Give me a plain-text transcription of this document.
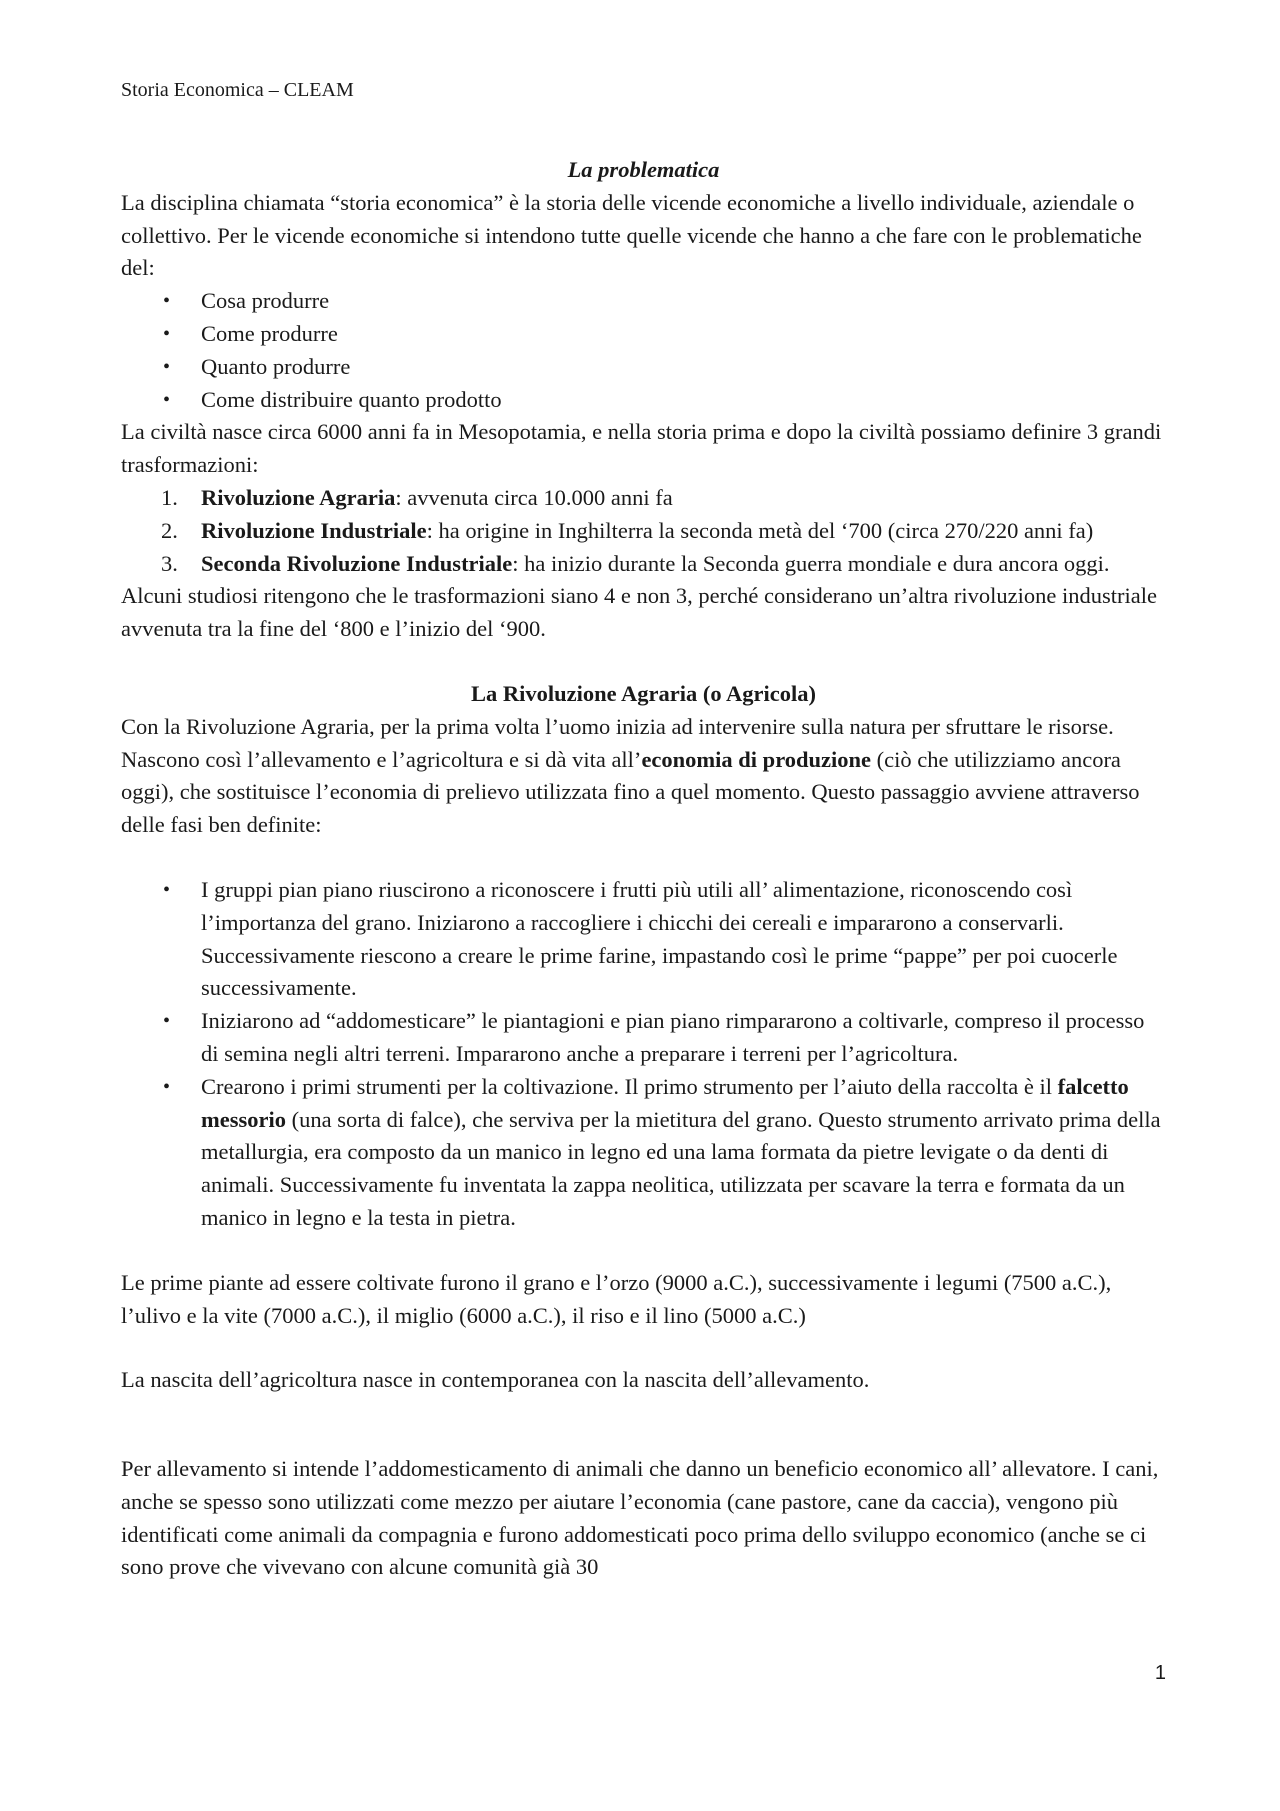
Storia Economica – CLEAM

La problematica

La disciplina chiamata “storia economica” è la storia delle vicende economiche a livello individuale, aziendale o collettivo. Per le vicende economiche si intendono tutte quelle vicende che hanno a che fare con le problematiche del:

• Cosa produrre
• Come produrre
• Quanto produrre
• Come distribuire quanto prodotto

La civiltà nasce circa 6000 anni fa in Mesopotamia, e nella storia prima e dopo la civiltà possiamo definire 3 grandi trasformazioni:

1. Rivoluzione Agraria: avvenuta circa 10.000 anni fa
2. Rivoluzione Industriale: ha origine in Inghilterra la seconda metà del ‘700 (circa 270/220 anni fa)
3. Seconda Rivoluzione Industriale: ha inizio durante la Seconda guerra mondiale e dura ancora oggi.

Alcuni studiosi ritengono che le trasformazioni siano 4 e non 3, perché considerano un’altra rivoluzione industriale avvenuta tra la fine del ‘800 e l’inizio del ‘900.

La Rivoluzione Agraria (o Agricola)

Con la Rivoluzione Agraria, per la prima volta l’uomo inizia ad intervenire sulla natura per sfruttare le risorse. Nascono così l’allevamento e l’agricoltura e si dà vita all’economia di produzione (ciò che utilizziamo ancora oggi), che sostituisce l’economia di prelievo utilizzata fino a quel momento. Questo passaggio avviene attraverso delle fasi ben definite:

• I gruppi pian piano riuscirono a riconoscere i frutti più utili all’ alimentazione, riconoscendo così l’importanza del grano. Iniziarono a raccogliere i chicchi dei cereali e impararono a conservarli. Successivamente riescono a creare le prime farine, impastando così le prime “pappe” per poi cuocerle successivamente.
• Iniziarono ad “addomesticare” le piantagioni e pian piano rimpararono a coltivarle, compreso il processo di semina negli altri terreni. Impararono anche a preparare i terreni per l’agricoltura.
• Crearono i primi strumenti per la coltivazione. Il primo strumento per l’aiuto della raccolta è il falcetto messorio (una sorta di falce), che serviva per la mietitura del grano. Questo strumento arrivato prima della metallurgia, era composto da un manico in legno ed una lama formata da pietre levigate o da denti di animali. Successivamente fu inventata la zappa neolitica, utilizzata per scavare la terra e formata da un manico in legno e la testa in pietra.

Le prime piante ad essere coltivate furono il grano e l’orzo (9000 a.C.), successivamente i legumi (7500 a.C.), l’ulivo e la vite (7000 a.C.), il miglio (6000 a.C.), il riso e il lino (5000 a.C.)

La nascita dell’agricoltura nasce in contemporanea con la nascita dell’allevamento.

Per allevamento si intende l’addomesticamento di animali che danno un beneficio economico all’ allevatore. I cani, anche se spesso sono utilizzati come mezzo per aiutare l’economia (cane pastore, cane da caccia), vengono più identificati come animali da compagnia e furono addomesticati poco prima dello sviluppo economico (anche se ci sono prove che vivevano con alcune comunità già 30

1
